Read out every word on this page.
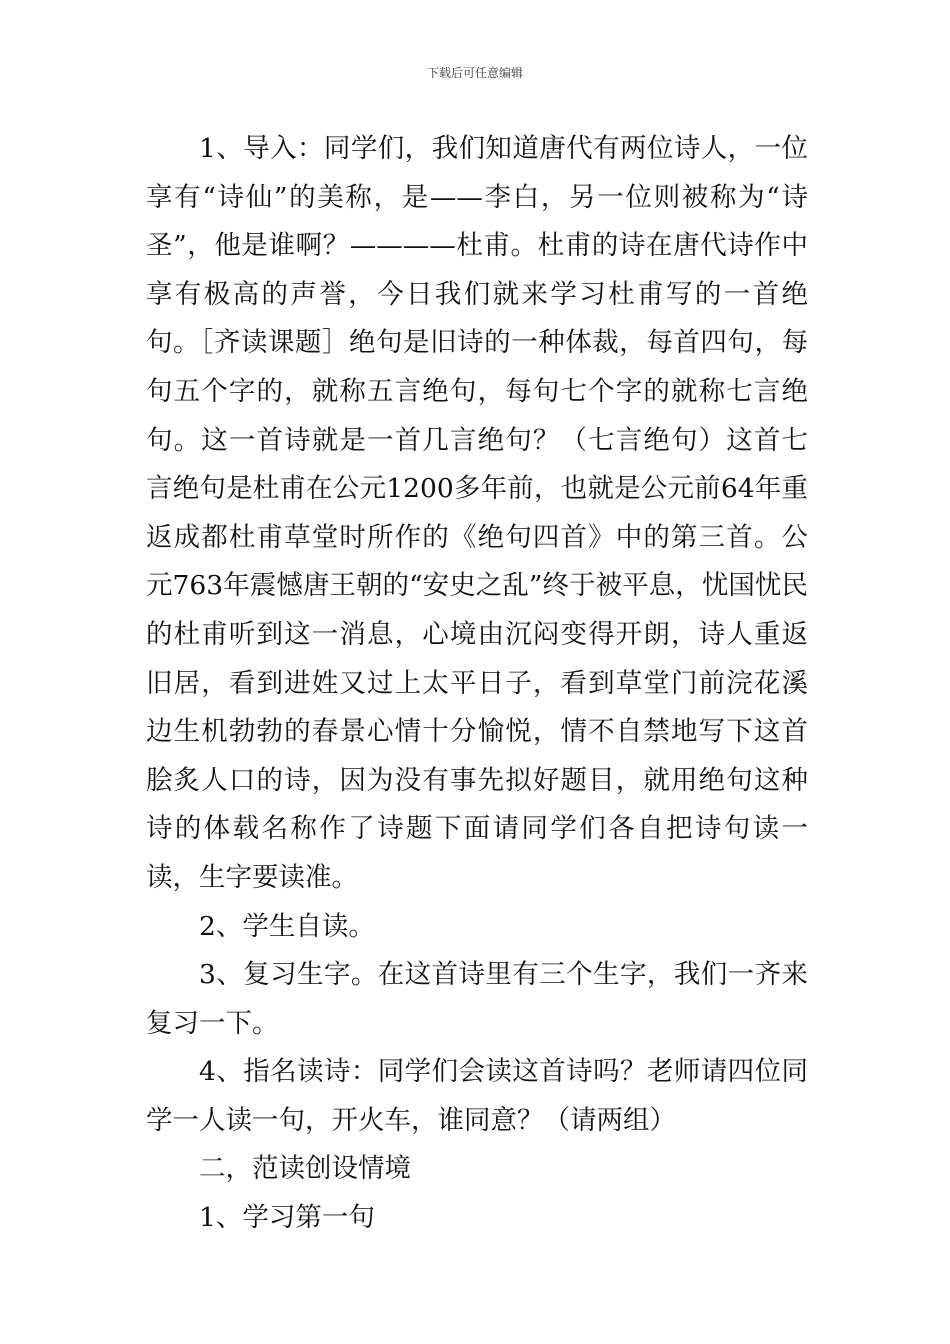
下载后可任意编辑

1、导入：同学们，我们知道唐代有两位诗人，一位享有“诗仙”的美称，是——李白，另一位则被称为“诗圣”，他是谁啊？————杜甫。杜甫的诗在唐代诗作中享有极高的声誉，今日我们就来学习杜甫写的一首绝句。［齐读课题］绝句是旧诗的一种体裁，每首四句，每句五个字的，就称五言绝句，每句七个字的就称七言绝句。这一首诗就是一首几言绝句？（七言绝句）这首七言绝句是杜甫在公元1200多年前，也就是公元前64年重返成都杜甫草堂时所作的《绝句四首》中的第三首。公元763年震憾唐王朝的“安史之乱”终于被平息，忧国忧民的杜甫听到这一消息，心境由沉闷变得开朗，诗人重返旧居，看到进姓又过上太平日子，看到草堂门前浣花溪边生机勃勃的春景心情十分愉悦，情不自禁地写下这首脍炙人口的诗，因为没有事先拟好题目，就用绝句这种诗的体载名称作了诗题下面请同学们各自把诗句读一读，生字要读准。

2、学生自读。

3、复习生字。在这首诗里有三个生字，我们一齐来复习一下。

4、指名读诗：同学们会读这首诗吗？老师请四位同学一人读一句，开火车，谁同意？（请两组）

二，范读创设情境

1、学习第一句
